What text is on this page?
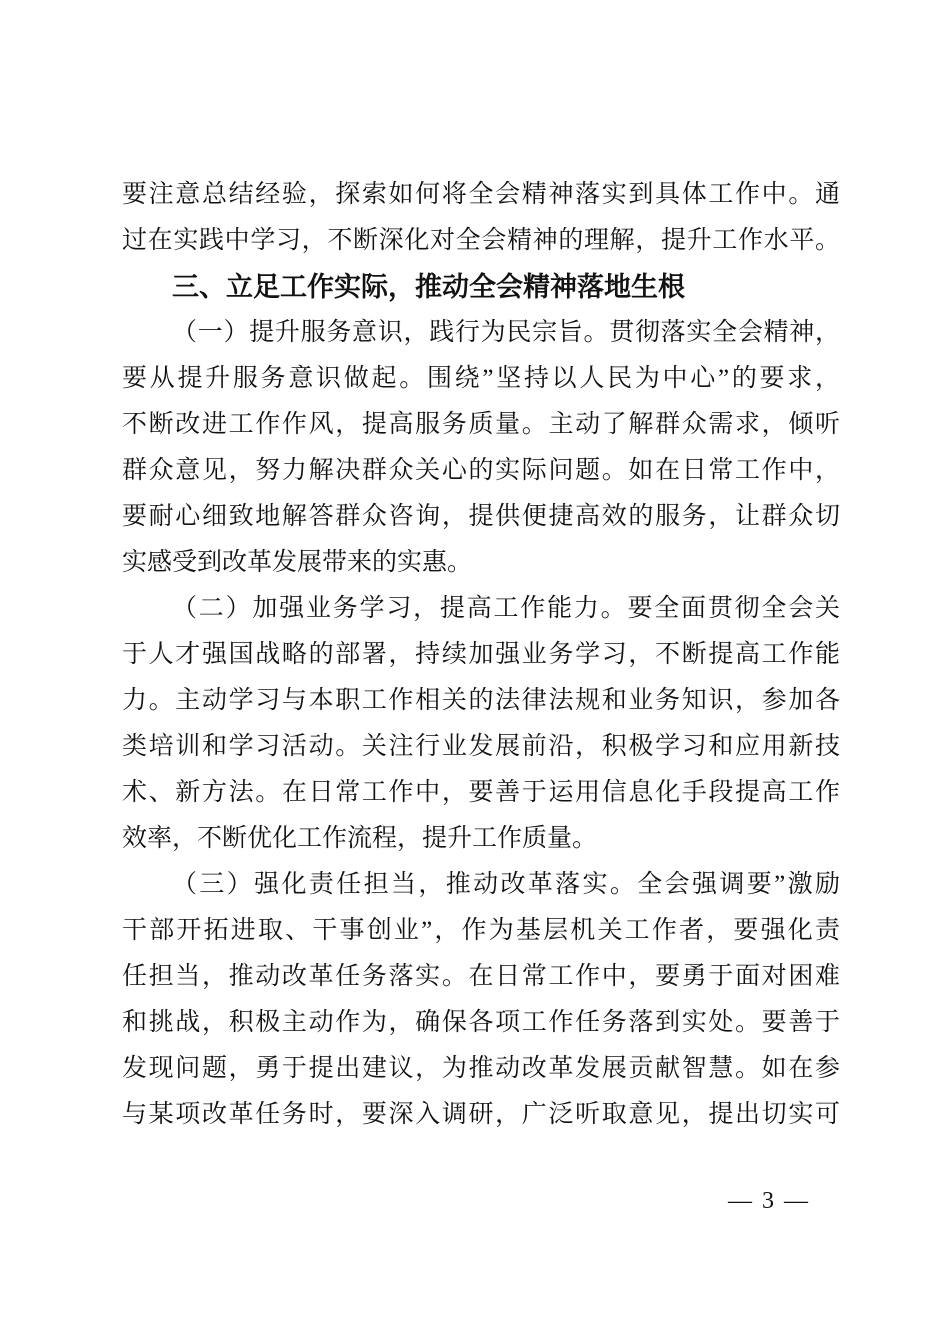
要注意总结经验，探索如何将全会精神落实到具体工作中。通
过在实践中学习，不断深化对全会精神的理解，提升工作水平。
三、立足工作实际，推动全会精神落地生根
（一）提升服务意识，践行为民宗旨。贯彻落实全会精神，
要从提升服务意识做起。围绕”坚持以人民为中心”的要求，
不断改进工作作风，提高服务质量。主动了解群众需求，倾听
群众意见，努力解决群众关心的实际问题。如在日常工作中，
要耐心细致地解答群众咨询，提供便捷高效的服务，让群众切
实感受到改革发展带来的实惠。
（二）加强业务学习，提高工作能力。要全面贯彻全会关
于人才强国战略的部署，持续加强业务学习，不断提高工作能
力。主动学习与本职工作相关的法律法规和业务知识，参加各
类培训和学习活动。关注行业发展前沿，积极学习和应用新技
术、新方法。在日常工作中，要善于运用信息化手段提高工作
效率，不断优化工作流程，提升工作质量。
（三）强化责任担当，推动改革落实。全会强调要”激励
干部开拓进取、干事创业”，作为基层机关工作者，要强化责
任担当，推动改革任务落实。在日常工作中，要勇于面对困难
和挑战，积极主动作为，确保各项工作任务落到实处。要善于
发现问题，勇于提出建议，为推动改革发展贡献智慧。如在参
与某项改革任务时，要深入调研，广泛听取意见，提出切实可
— 3 —
